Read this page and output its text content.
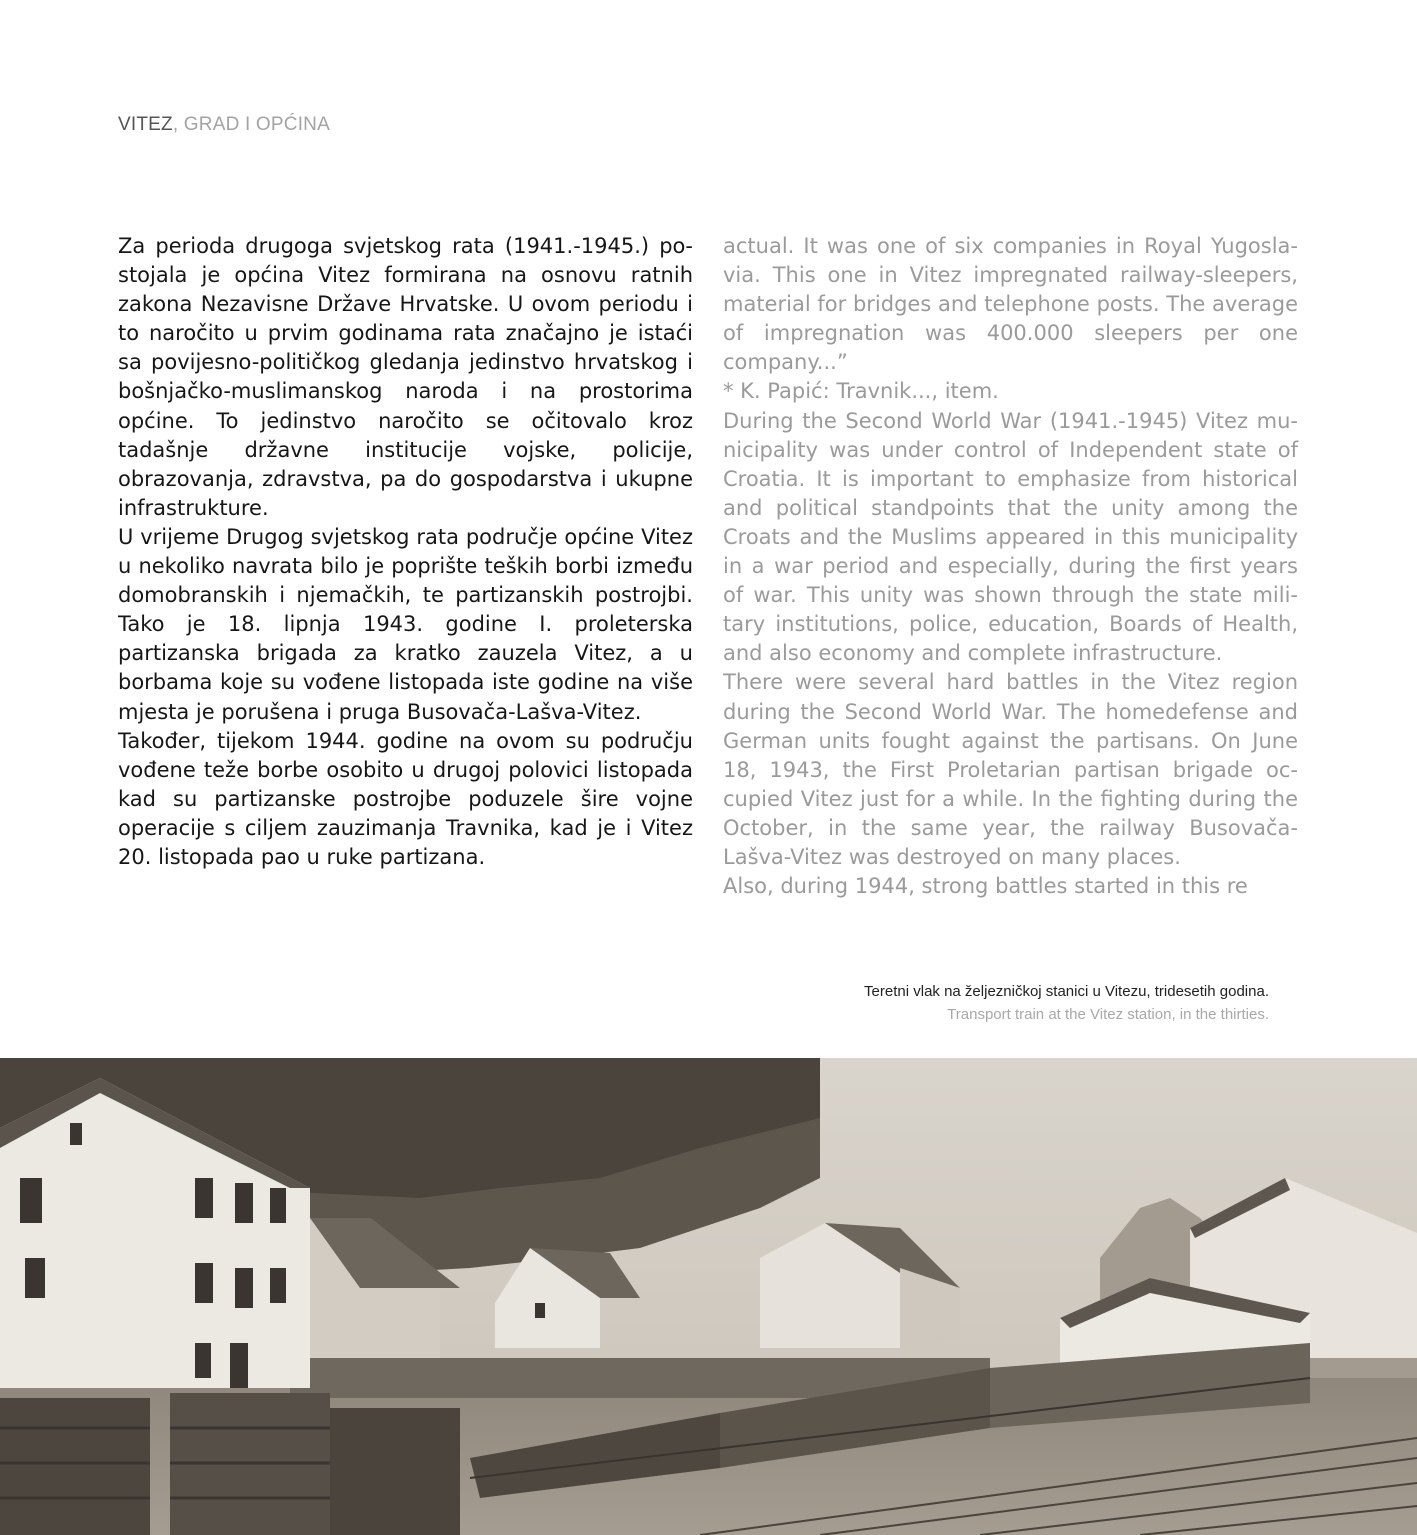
VITEZ, GRAD I OPĆINA

Za perioda drugoga svjetskog rata (1941.-1945.) postojala je općina Vitez formirana na osnovu ratnih zakona Nezavisne Države Hrvatske. U ovom periodu i to naročito u prvim godinama rata značajno je istaći sa povijesno-političkog gledanja jedinstvo hrvatskog i bošnjačko-muslimanskog naroda i na prostorima općine. To jedinstvo naročito se očitovalo kroz tadašnje državne institucije vojske, policije, obrazovanja, zdravstva, pa do gospodarstva i ukupne infrastrukture.

U vrijeme Drugog svjetskog rata područje općine Vitez u nekoliko navrata bilo je poprište teških borbi između domobranskih i njemačkih, te partizanskih postrojbi. Tako je 18. lipnja 1943. godine I. proleterska partizanska brigada za kratko zauzela Vitez, a u borbama koje su vođene listopada iste godine na više mjesta je porušena i pruga Busovača-Lašva-Vitez.

Također, tijekom 1944. godine na ovom su području vođene teže borbe osobito u drugoj polovici listopada kad su partizanske postrojbe poduzele šire vojne operacije s ciljem zauzimanja Travnika, kad je i Vitez 20. listopada pao u ruke partizana.

actual. It was one of six companies in Royal Yugoslavia. This one in Vitez impregnated railway-sleepers, material for bridges and telephone posts. The average of impregnation was 400.000 sleepers per one company...”

* K. Papić: Travnik..., item.

During the Second World War (1941.-1945) Vitez municipality was under control of Independent state of Croatia. It is important to emphasize from historical and political standpoints that the unity among the Croats and the Muslims appeared in this municipality in a war period and especially, during the first years of war. This unity was shown through the state military institutions, police, education, Boards of Health, and also economy and complete infrastructure.

There were several hard battles in the Vitez region during the Second World War. The homedefense and German units fought against the partisans. On June 18, 1943, the First Proletarian partisan brigade occupied Vitez just for a while. In the fighting during the October, in the same year, the railway Busovača-Lašva-Vitez was destroyed on many places.

Also, during 1944, strong battles started in this re

Teretni vlak na željezničkoj stanici u Vitezu, tridesetih godina.
Transport train at the Vitez station, in the thirties.
